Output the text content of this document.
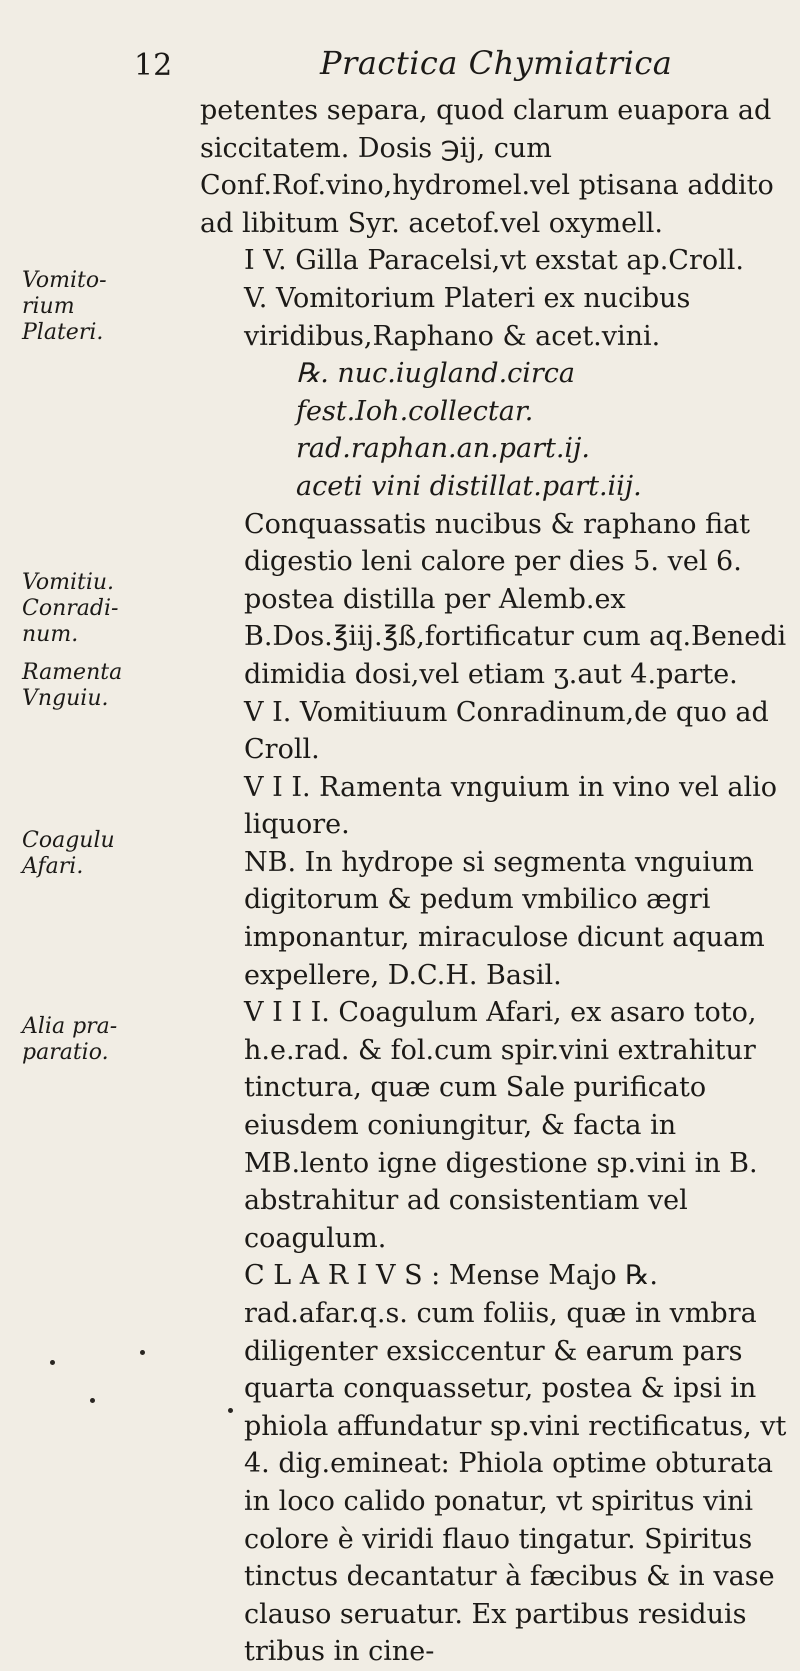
12	Practica Chymiatrica
Vomito-
rium
Plateri.
Vomitiu.
Conradi-
num.
Ramenta
Vnguiu.
Coagulu
Afari.
Alia pra-
paratio.

petentes separa, quod clarum euapora ad siccitatem. Dosis ℈ij, cum Conf.Rof.vino,hydromel.vel ptisana addito ad libitum Syr. acetof.vel oxymell.

I V. Gilla Paracelsi,vt exstat ap.Croll.

V. Vomitorium Plateri ex nucibus viridibus,Raphano & acet.vini.

℞. nuc.iugland.circa fest.Ioh.collectar.

rad.raphan.an.part.ij.

aceti vini distillat.part.iij.

Conquassatis nucibus & raphano fiat digestio leni calore per dies 5. vel 6. postea distilla per Alemb.ex B.Dos.℥iij.℥ß,fortificatur cum aq.Benedi dimidia dosi,vel etiam ʒ.aut 4.parte.

V I. Vomitiuum Conradinum,de quo ad Croll.

V I I. Ramenta vnguium in vino vel alio liquore.

NB. In hydrope si segmenta vnguium digitorum & pedum vmbilico ægri imponantur, miraculose dicunt aquam expellere, D.C.H. Basil.

V I I I. Coagulum Afari, ex asaro toto, h.e.rad. & fol.cum spir.vini extrahitur tinctura, quæ cum Sale purificato eiusdem coniungitur, & facta in MB.lento igne digestione sp.vini in B. abstrahitur ad consistentiam vel coagulum.

C L A R I V S : Mense Majo ℞. rad.afar.q.s. cum foliis, quæ in vmbra diligenter exsiccentur & earum pars quarta conquassetur, postea & ipsi in phiola affundatur sp.vini rectificatus, vt 4. dig.emineat: Phiola optime obturata in loco calido ponatur, vt spiritus vini colore è viridi flauo tingatur. Spiritus tinctus decantatur à fæcibus & in vase clauso seruatur. Ex partibus residuis tribus in cine-
